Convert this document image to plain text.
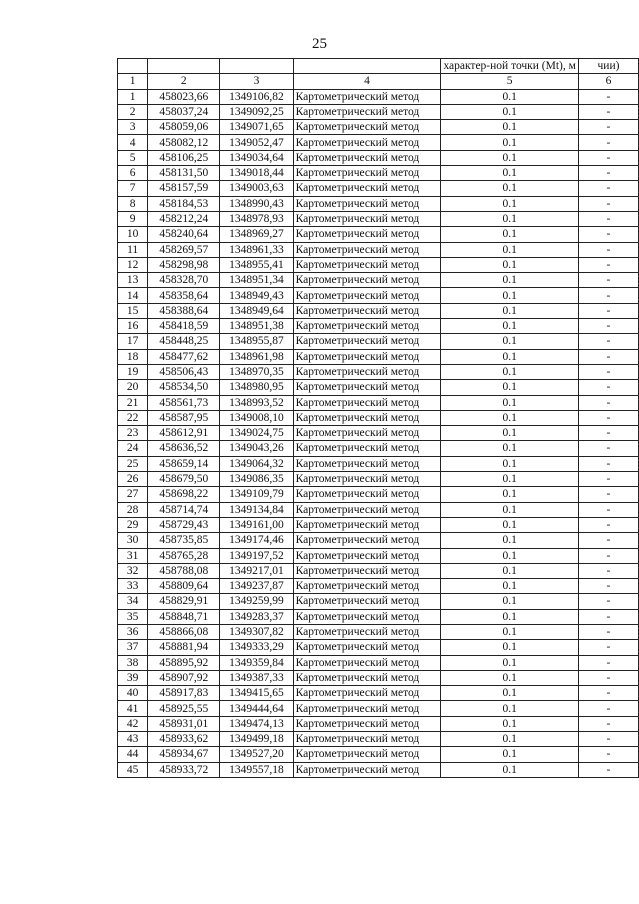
25
				характер-ной точки (Mt), м	чии)
1	2	3	4	5	6
1	458023,66	1349106,82	Картометрический метод	0.1	-
2	458037,24	1349092,25	Картометрический метод	0.1	-
3	458059,06	1349071,65	Картометрический метод	0.1	-
4	458082,12	1349052,47	Картометрический метод	0.1	-
5	458106,25	1349034,64	Картометрический метод	0.1	-
6	458131,50	1349018,44	Картометрический метод	0.1	-
7	458157,59	1349003,63	Картометрический метод	0.1	-
8	458184,53	1348990,43	Картометрический метод	0.1	-
9	458212,24	1348978,93	Картометрический метод	0.1	-
10	458240,64	1348969,27	Картометрический метод	0.1	-
11	458269,57	1348961,33	Картометрический метод	0.1	-
12	458298,98	1348955,41	Картометрический метод	0.1	-
13	458328,70	1348951,34	Картометрический метод	0.1	-
14	458358,64	1348949,43	Картометрический метод	0.1	-
15	458388,64	1348949,64	Картометрический метод	0.1	-
16	458418,59	1348951,38	Картометрический метод	0.1	-
17	458448,25	1348955,87	Картометрический метод	0.1	-
18	458477,62	1348961,98	Картометрический метод	0.1	-
19	458506,43	1348970,35	Картометрический метод	0.1	-
20	458534,50	1348980,95	Картометрический метод	0.1	-
21	458561,73	1348993,52	Картометрический метод	0.1	-
22	458587,95	1349008,10	Картометрический метод	0.1	-
23	458612,91	1349024,75	Картометрический метод	0.1	-
24	458636,52	1349043,26	Картометрический метод	0.1	-
25	458659,14	1349064,32	Картометрический метод	0.1	-
26	458679,50	1349086,35	Картометрический метод	0.1	-
27	458698,22	1349109,79	Картометрический метод	0.1	-
28	458714,74	1349134,84	Картометрический метод	0.1	-
29	458729,43	1349161,00	Картометрический метод	0.1	-
30	458735,85	1349174,46	Картометрический метод	0.1	-
31	458765,28	1349197,52	Картометрический метод	0.1	-
32	458788,08	1349217,01	Картометрический метод	0.1	-
33	458809,64	1349237,87	Картометрический метод	0.1	-
34	458829,91	1349259,99	Картометрический метод	0.1	-
35	458848,71	1349283,37	Картометрический метод	0.1	-
36	458866,08	1349307,82	Картометрический метод	0.1	-
37	458881,94	1349333,29	Картометрический метод	0.1	-
38	458895,92	1349359,84	Картометрический метод	0.1	-
39	458907,92	1349387,33	Картометрический метод	0.1	-
40	458917,83	1349415,65	Картометрический метод	0.1	-
41	458925,55	1349444,64	Картометрический метод	0.1	-
42	458931,01	1349474,13	Картометрический метод	0.1	-
43	458933,62	1349499,18	Картометрический метод	0.1	-
44	458934,67	1349527,20	Картометрический метод	0.1	-
45	458933,72	1349557,18	Картометрический метод	0.1	-
